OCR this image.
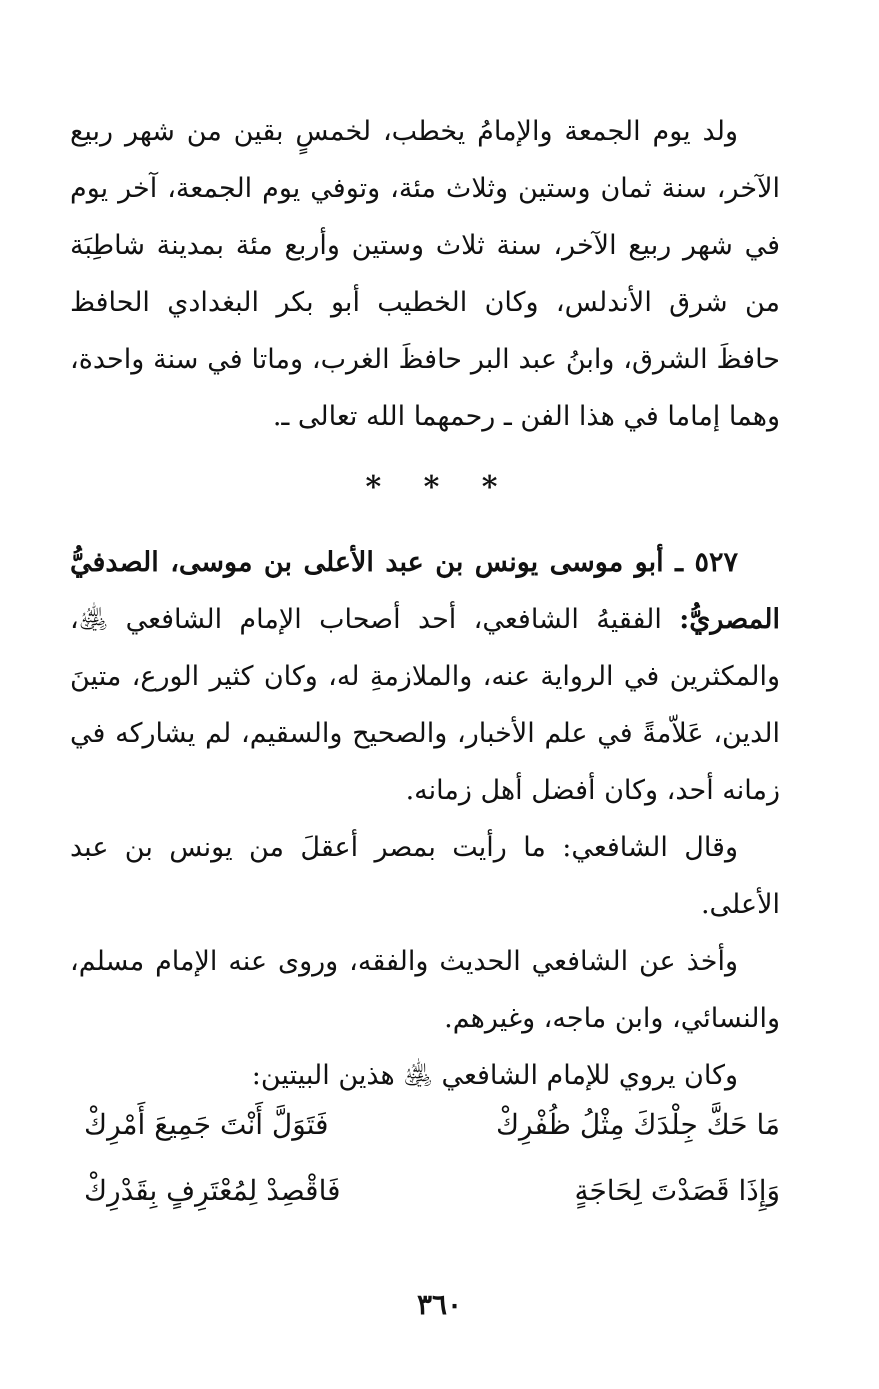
ولد يوم الجمعة والإمامُ يخطب، لخمسٍ بقين من شهر ربيع الآخر، سنة ثمان وستين وثلاث مئة، وتوفي يوم الجمعة، آخر يوم في شهر ربيع الآخر، سنة ثلاث وستين وأربع مئة بمدينة شاطِبَة من شرق الأندلس، وكان الخطيب أبو بكر البغدادي الحافظ حافظَ الشرق، وابنُ عبد البر حافظَ الغرب، وماتا في سنة واحدة، وهما إماما في هذا الفن ـ رحمهما الله تعالى ـ.

* * *

٥٢٧ ـ أبو موسى يونس بن عبد الأعلى بن موسى، الصدفيُّ المصريُّ: الفقيهُ الشافعي، أحد أصحاب الإمام الشافعي ﵁، والمكثرين في الرواية عنه، والملازمةِ له، وكان كثير الورع، متينَ الدين، عَلاّمةً في علم الأخبار، والصحيح والسقيم، لم يشاركه في زمانه أحد، وكان أفضل أهل زمانه.

وقال الشافعي: ما رأيت بمصر أعقلَ من يونس بن عبد الأعلى.

وأخذ عن الشافعي الحديث والفقه، وروى عنه الإمام مسلم، والنسائي، وابن ماجه، وغيرهم.

وكان يروي للإمام الشافعي ﵁ هذين البيتين:

مَا حَكَّ جِلْدَكَ مِثْلُ ظُفْرِكْ
فَتَوَلَّ أَنْتَ جَمِيعَ أَمْرِكْ
وَإِذَا قَصَدْتَ لِحَاجَةٍ
فَاقْصِدْ لِمُعْتَرِفٍ بِقَدْرِكْ
٣٦٠
